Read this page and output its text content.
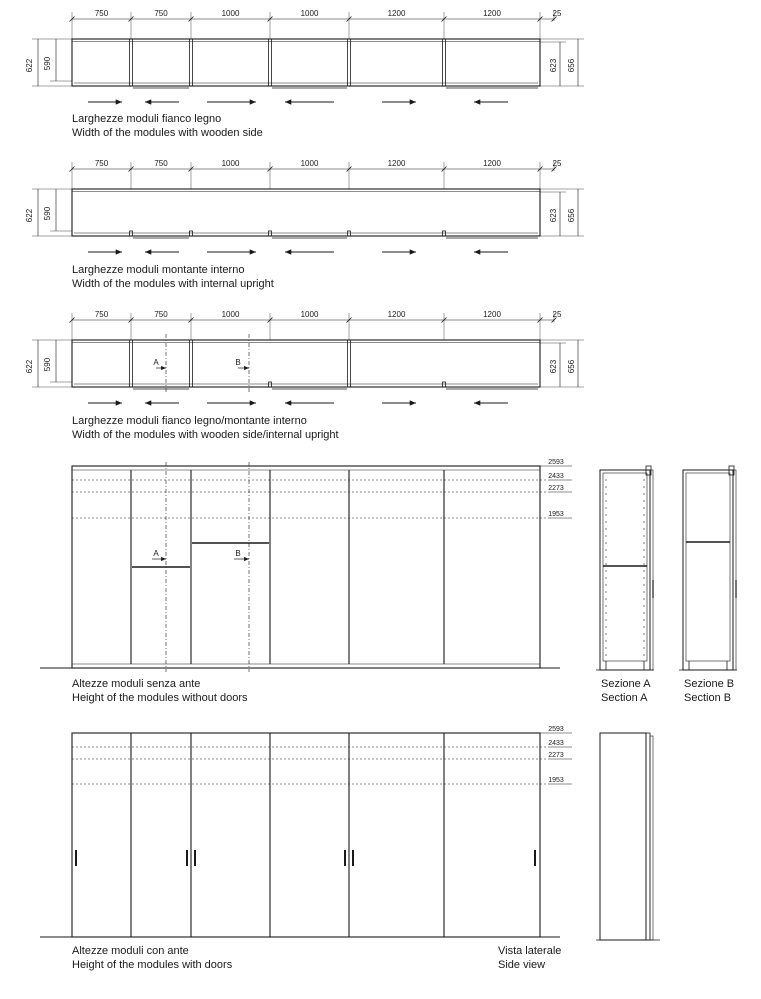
750	750	1000	1000	1200	1200	25
622 590	623 656
750	750	1000	1000	1200	1200	25
622 590	623 656
750	750	1000	1000	1200	1200	25
622 590	623 656
A	B
2593
2433
2273
1953
A	B
2593
2433
2273
1953
Larghezze moduli fianco legno
Width of the modules with wooden side
Larghezze moduli montante interno
Width of the modules with internal upright
Larghezze moduli fianco legno/montante interno
Width of the modules with wooden side/internal upright
Altezze moduli senza ante
Height of the modules without doors
Sezione A
Section A
Sezione B
Section B
Altezze moduli con ante
Height of the modules with doors
Vista laterale
Side view
